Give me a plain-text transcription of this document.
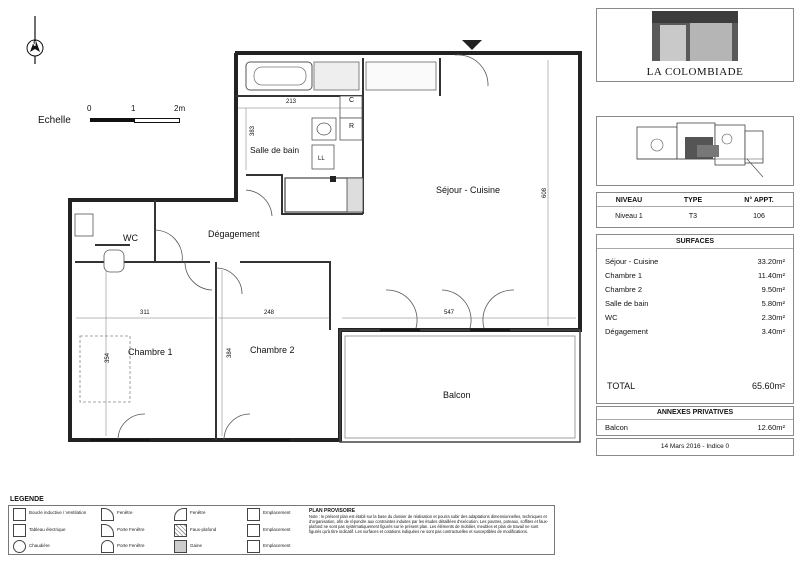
N
0	1	2m
Echelle
Salle de bain
Séjour - Cuisine
WC	Dégagement
Chambre 1	Chambre 2
Balcon
C
R
LL
213
383
608
311	248	547
354	384
LA COLOMBIADE
NIVEAU	TYPE	N° APPT.
Niveau 1	T3	106
SURFACES
Séjour - Cuisine	33.20m²
Chambre 1	11.40m²
Chambre 2	9.50m²
Salle de bain	5.80m²
WC	2.30m²
Dégagement	3.40m²
TOTAL	65.60m²
ANNEXES PRIVATIVES
Balcon	12.60m²
14 Mars 2016 - Indice 0
LEGENDE
Boucle inductive / Ventilation
Tableau électrique
Chaudière
Fenêtre
Porte Fenêtre
Porte Fenêtre
Fenêtre
Faux-plafond
Gaine
Emplacement
Emplacement
Emplacement
PLAN PROVISOIRE
Note : le présent plan est établi sur la base du dossier de réalisation et pourra subir des adaptations dimensionnelles, techniques et d'organisation, afin de répondre aux contraintes induites par les études détaillées d'exécution. Les poutres, poteaux, soffites et faux-plafond ne sont pas systématiquement figurés sur le présent plan. Les éléments de mobilier, meubles et plan de travail ne sont figurés qu'à titre indicatif. Les surfaces et cotations indiquées ne sont pas contractuelles et susceptibles de modifications.
